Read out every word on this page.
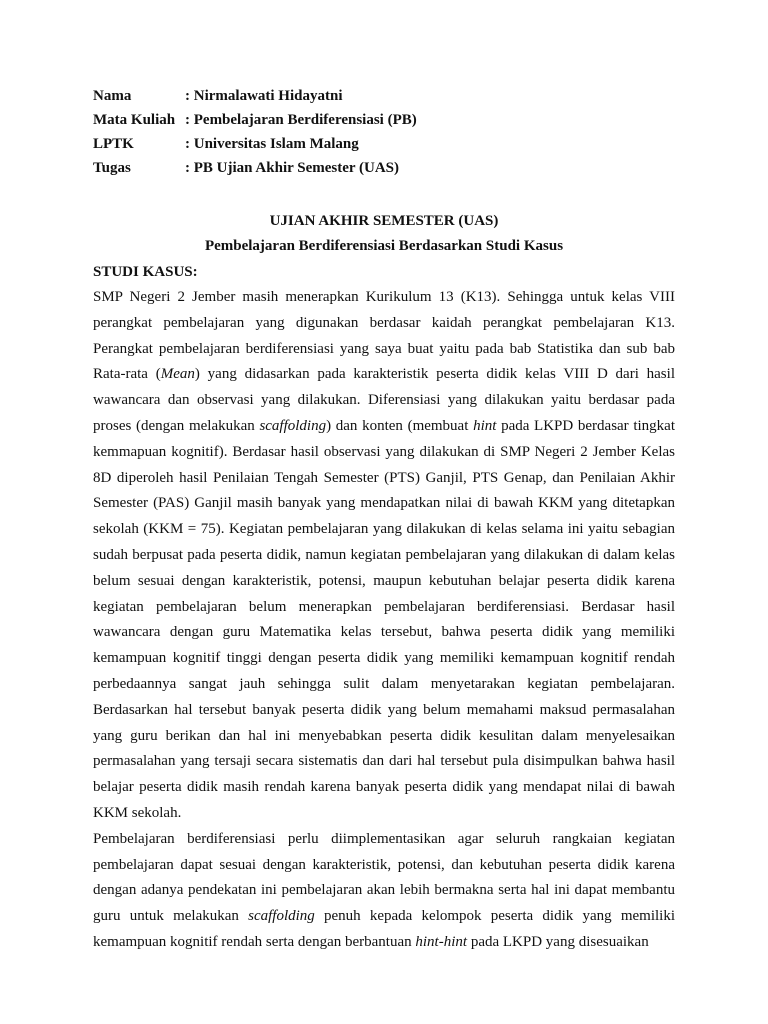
Nama	: Nirmalawati Hidayatni
Mata Kuliah : Pembelajaran Berdiferensiasi (PB)
LPTK	: Universitas Islam Malang
Tugas	: PB Ujian Akhir Semester (UAS)
UJIAN AKHIR SEMESTER (UAS)
Pembelajaran Berdiferensiasi Berdasarkan Studi Kasus
STUDI KASUS:

SMP Negeri 2 Jember masih menerapkan Kurikulum 13 (K13). Sehingga untuk kelas VIII perangkat pembelajaran yang digunakan berdasar kaidah perangkat pembelajaran K13. Perangkat pembelajaran berdiferensiasi yang saya buat yaitu pada bab Statistika dan sub bab Rata-rata (Mean) yang didasarkan pada karakteristik peserta didik kelas VIII D dari hasil wawancara dan observasi yang dilakukan. Diferensiasi yang dilakukan yaitu berdasar pada proses (dengan melakukan scaffolding) dan konten (membuat hint pada LKPD berdasar tingkat kemmapuan kognitif). Berdasar hasil observasi yang dilakukan di SMP Negeri 2 Jember Kelas 8D diperoleh hasil Penilaian Tengah Semester (PTS) Ganjil, PTS Genap, dan Penilaian Akhir Semester (PAS) Ganjil masih banyak yang mendapatkan nilai di bawah KKM yang ditetapkan sekolah (KKM = 75). Kegiatan pembelajaran yang dilakukan di kelas selama ini yaitu sebagian sudah berpusat pada peserta didik, namun kegiatan pembelajaran yang dilakukan di dalam kelas belum sesuai dengan karakteristik, potensi, maupun kebutuhan belajar peserta didik karena kegiatan pembelajaran belum menerapkan pembelajaran berdiferensiasi. Berdasar hasil wawancara dengan guru Matematika kelas tersebut, bahwa peserta didik yang memiliki kemampuan kognitif tinggi dengan peserta didik yang memiliki kemampuan kognitif rendah perbedaannya sangat jauh sehingga sulit dalam menyetarakan kegiatan pembelajaran. Berdasarkan hal tersebut banyak peserta didik yang belum memahami maksud permasalahan yang guru berikan dan hal ini menyebabkan peserta didik kesulitan dalam menyelesaikan permasalahan yang tersaji secara sistematis dan dari hal tersebut pula disimpulkan bahwa hasil belajar peserta didik masih rendah karena banyak peserta didik yang mendapat nilai di bawah KKM sekolah.

Pembelajaran berdiferensiasi perlu diimplementasikan agar seluruh rangkaian kegiatan pembelajaran dapat sesuai dengan karakteristik, potensi, dan kebutuhan peserta didik karena dengan adanya pendekatan ini pembelajaran akan lebih bermakna serta hal ini dapat membantu guru untuk melakukan scaffolding penuh kepada kelompok peserta didik yang memiliki kemampuan kognitif rendah serta dengan berbantuan hint-hint pada LKPD yang disesuaikan
